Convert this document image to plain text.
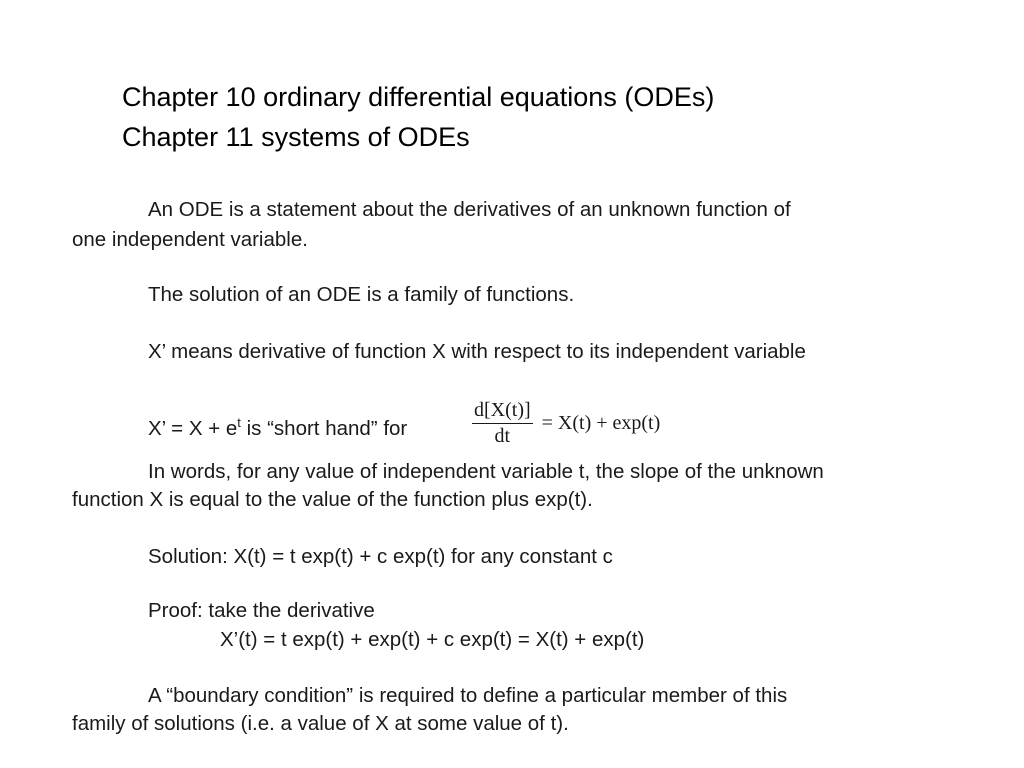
Chapter 10 ordinary differential equations (ODEs)
Chapter 11 systems of ODEs
An ODE is a statement about the derivatives of an unknown function of
one independent variable.
The solution of an ODE is a family of functions.
X’ means derivative of function X with respect to its independent variable
X’ = $X + e^t$ is “short hand” for	$\frac{d[X(t)]}{dt} = X(t) + \exp(t)$
In words, for any value of independent variable t, the slope of the unknown
function X is equal to the value of the function plus exp(t).
Solution: X(t) = t exp(t) + c exp(t) for any constant c
Proof: take the derivative
X’(t) = t exp(t) + exp(t) + c exp(t) = X(t) + exp(t)
A “boundary condition” is required to define a particular member of this
family of solutions (i.e. a value of X at some value of t).
